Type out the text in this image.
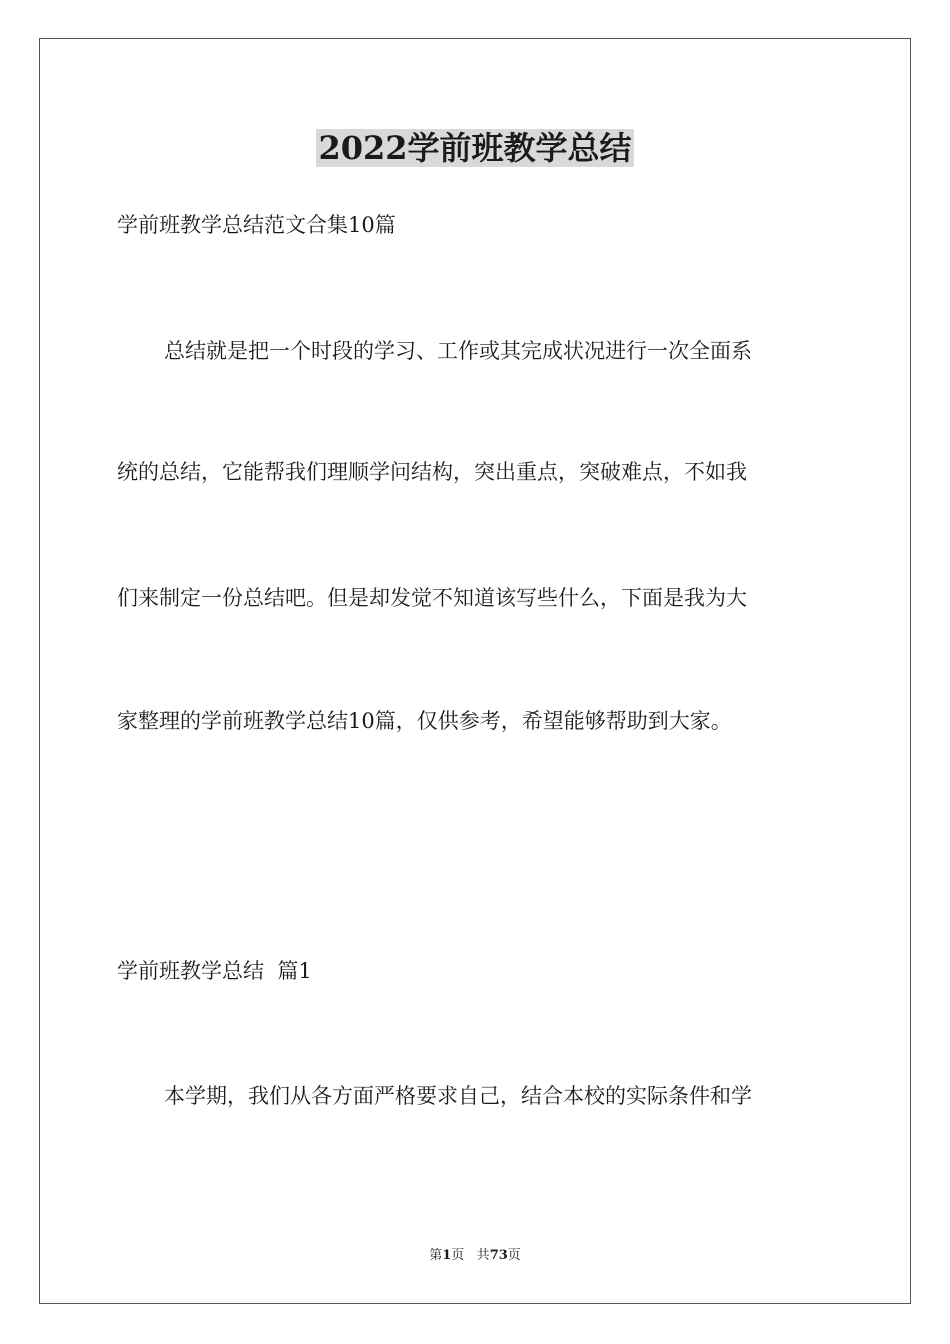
2022学前班教学总结
学前班教学总结范文合集10篇
总结就是把一个时段的学习、工作或其完成状况进行一次全面系
统的总结，它能帮我们理顺学问结构，突出重点，突破难点，不如我
们来制定一份总结吧。但是却发觉不知道该写些什么，下面是我为大
家整理的学前班教学总结10篇，仅供参考，希望能够帮助到大家。
学前班教学总结  篇1
本学期，我们从各方面严格要求自己，结合本校的实际条件和学
第1页 共73页
